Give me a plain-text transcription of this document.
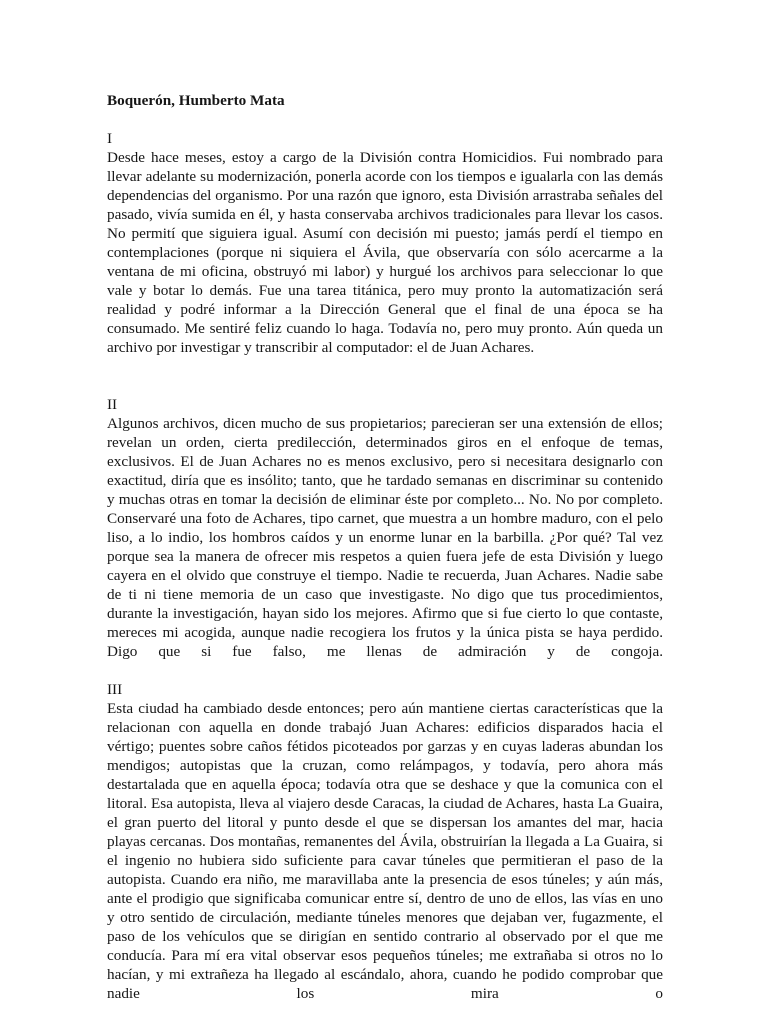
Boquerón, Humberto Mata

I

Desde hace meses, estoy a cargo de la División contra Homicidios. Fui nombrado para llevar adelante su modernización, ponerla acorde con los tiempos e igualarla con las demás dependencias del organismo. Por una razón que ignoro, esta División arrastraba señales del pasado, vivía sumida en él, y hasta conservaba archivos tradicionales para llevar los casos. No permití que siguiera igual. Asumí con decisión mi puesto; jamás perdí el tiempo en contemplaciones (porque ni siquiera el Ávila, que observaría con sólo acercarme a la ventana de mi oficina, obstruyó mi labor) y hurgué los archivos para seleccionar lo que vale y botar lo demás. Fue una tarea titánica, pero muy pronto la automatización será realidad y podré informar a la Dirección General que el final de una época se ha consumado. Me sentiré feliz cuando lo haga. Todavía no, pero muy pronto. Aún queda un archivo por investigar y transcribir al computador: el de Juan Achares.

II

Algunos archivos, dicen mucho de sus propietarios; parecieran ser una extensión de ellos; revelan un orden, cierta predilección, determinados giros en el enfoque de temas, exclusivos. El de Juan Achares no es menos exclusivo, pero si necesitara designarlo con exactitud, diría que es insólito; tanto, que he tardado semanas en discriminar su contenido y muchas otras en tomar la decisión de eliminar éste por completo... No. No por completo. Conservaré una foto de Achares, tipo carnet, que muestra a un hombre maduro, con el pelo liso, a lo indio, los hombros caídos y un enorme lunar en la barbilla. ¿Por qué? Tal vez porque sea la manera de ofrecer mis respetos a quien fuera jefe de esta División y luego cayera en el olvido que construye el tiempo. Nadie te recuerda, Juan Achares. Nadie sabe de ti ni tiene memoria de un caso que investigaste. No digo que tus procedimientos, durante la investigación, hayan sido los mejores. Afirmo que si fue cierto lo que contaste, mereces mi acogida, aunque nadie recogiera los frutos y la única pista se haya perdido. Digo que si fue falso, me llenas de admiración y de congoja.

III

Esta ciudad ha cambiado desde entonces; pero aún mantiene ciertas características que la relacionan con aquella en donde trabajó Juan Achares: edificios disparados hacia el vértigo; puentes sobre caños fétidos picoteados por garzas y en cuyas laderas abundan los mendigos; autopistas que la cruzan, como relámpagos, y todavía, pero ahora más destartalada que en aquella época; todavía otra que se deshace y que la comunica con el litoral. Esa autopista, lleva al viajero desde Caracas, la ciudad de Achares, hasta La Guaira, el gran puerto del litoral y punto desde el que se dispersan los amantes del mar, hacia playas cercanas. Dos montañas, remanentes del Ávila, obstruirían la llegada a La Guaira, si el ingenio no hubiera sido suficiente para cavar túneles que permitieran el paso de la autopista. Cuando era niño, me maravillaba ante la presencia de esos túneles; y aún más, ante el prodigio que significaba comunicar entre sí, dentro de uno de ellos, las vías en uno y otro sentido de circulación, mediante túneles menores que dejaban ver, fugazmente, el paso de los vehículos que se dirigían en sentido contrario al observado por el que me conducía. Para mí era vital observar esos pequeños túneles; me extrañaba si otros no lo hacían, y mi extrañeza ha llegado al escándalo, ahora, cuando he podido comprobar que nadie los mira o
